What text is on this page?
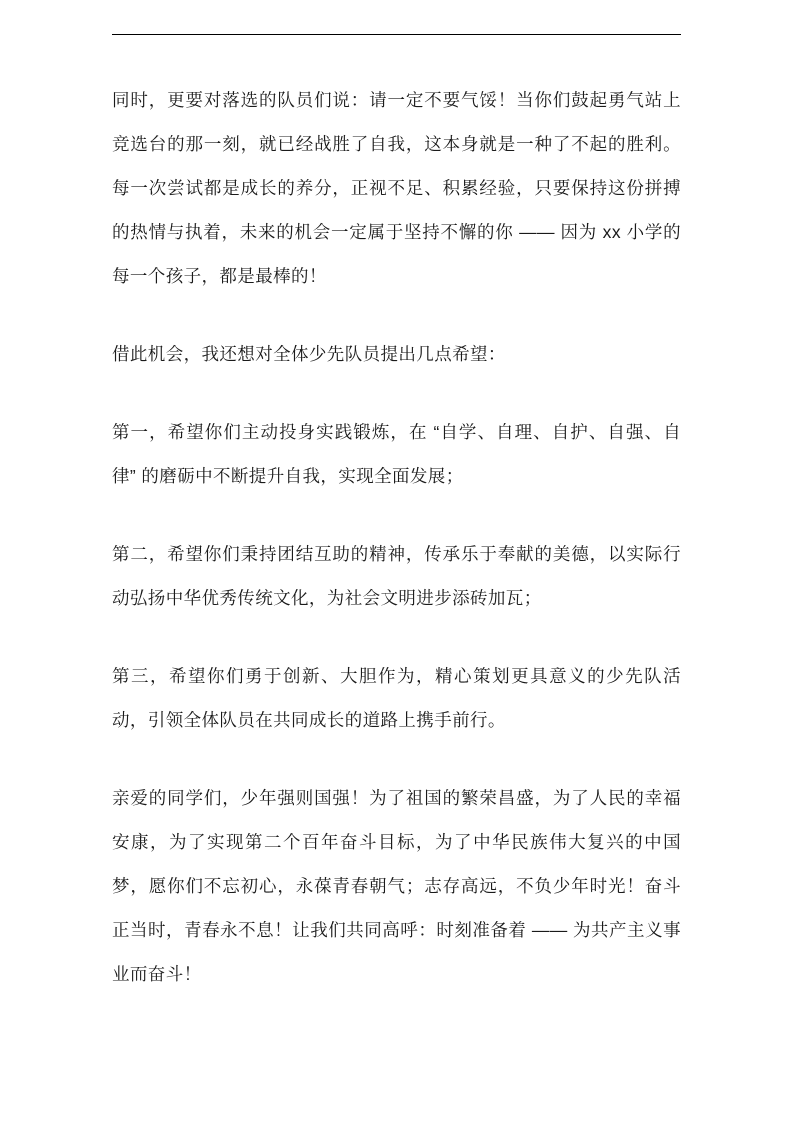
同时，更要对落选的队员们说：请一定不要气馁！当你们鼓起勇气站上竞选台的那一刻，就已经战胜了自我，这本身就是一种了不起的胜利。每一次尝试都是成长的养分，正视不足、积累经验，只要保持这份拼搏的热情与执着，未来的机会一定属于坚持不懈的你 —— 因为 xx 小学的每一个孩子，都是最棒的！

借此机会，我还想对全体少先队员提出几点希望：

第一，希望你们主动投身实践锻炼，在 “自学、自理、自护、自强、自律” 的磨砺中不断提升自我，实现全面发展；

第二，希望你们秉持团结互助的精神，传承乐于奉献的美德，以实际行动弘扬中华优秀传统文化，为社会文明进步添砖加瓦；

第三，希望你们勇于创新、大胆作为，精心策划更具意义的少先队活动，引领全体队员在共同成长的道路上携手前行。

亲爱的同学们，少年强则国强！为了祖国的繁荣昌盛，为了人民的幸福安康，为了实现第二个百年奋斗目标，为了中华民族伟大复兴的中国梦，愿你们不忘初心，永葆青春朝气；志存高远，不负少年时光！奋斗正当时，青春永不息！让我们共同高呼：时刻准备着 —— 为共产主义事业而奋斗！
